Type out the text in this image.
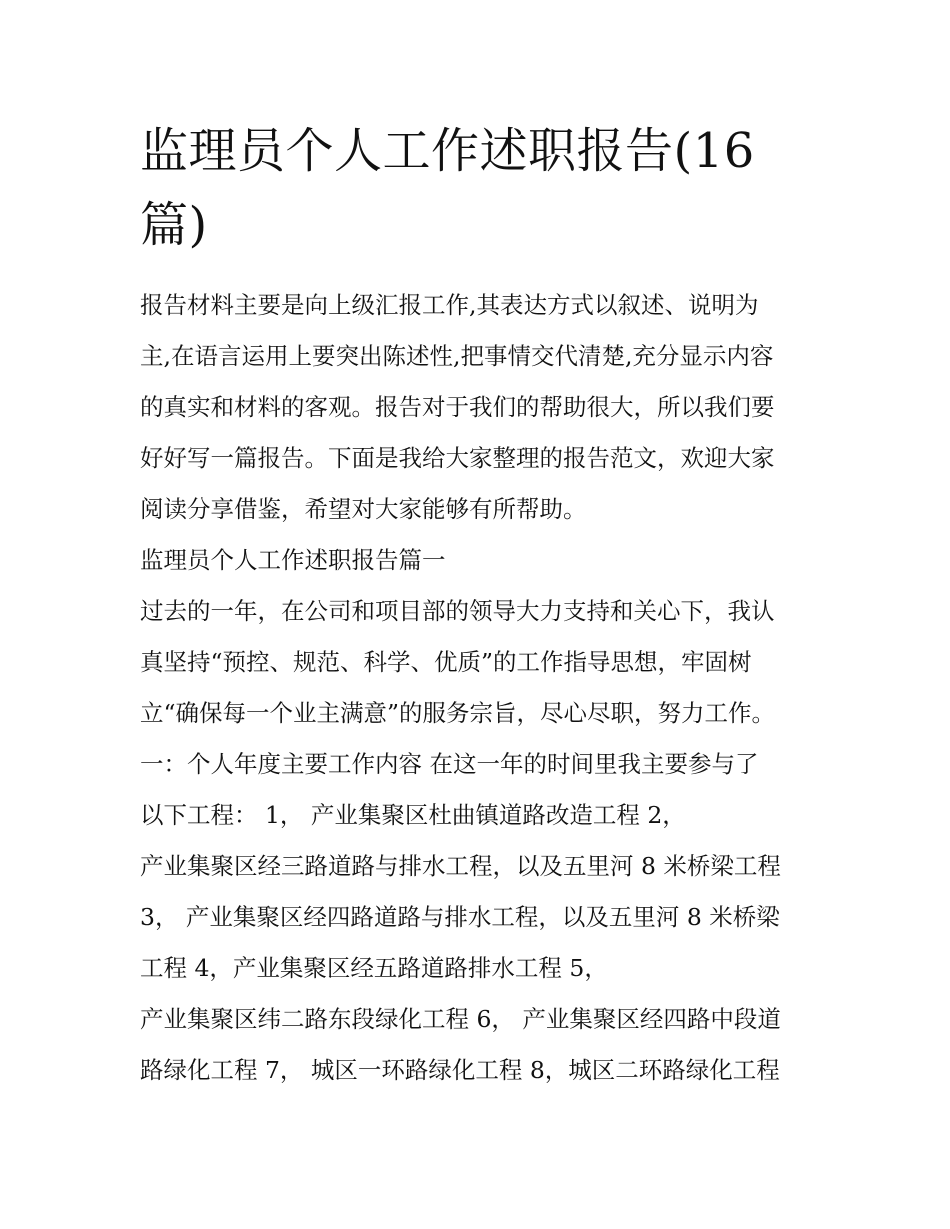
监理员个人工作述职报告(16
篇)
报告材料主要是向上级汇报工作,其表达方式以叙述、说明为
主,在语言运用上要突出陈述性,把事情交代清楚,充分显示内容
的真实和材料的客观。报告对于我们的帮助很大，所以我们要
好好写一篇报告。下面是我给大家整理的报告范文，欢迎大家
阅读分享借鉴，希望对大家能够有所帮助。
监理员个人工作述职报告篇一
过去的一年，在公司和项目部的领导大力支持和关心下，我认
真坚持“预控、规范、科学、优质”的工作指导思想，牢固树
立“确保每一个业主满意”的服务宗旨，尽心尽职，努力工作。
一：个人年度主要工作内容 在这一年的时间里我主要参与了
以下工程： 1， 产业集聚区杜曲镇道路改造工程 2，
产业集聚区经三路道路与排水工程，以及五里河 8 米桥梁工程
3， 产业集聚区经四路道路与排水工程，以及五里河 8 米桥梁
工程 4，产业集聚区经五路道路排水工程 5，
产业集聚区纬二路东段绿化工程 6， 产业集聚区经四路中段道
路绿化工程 7， 城区一环路绿化工程 8，城区二环路绿化工程
